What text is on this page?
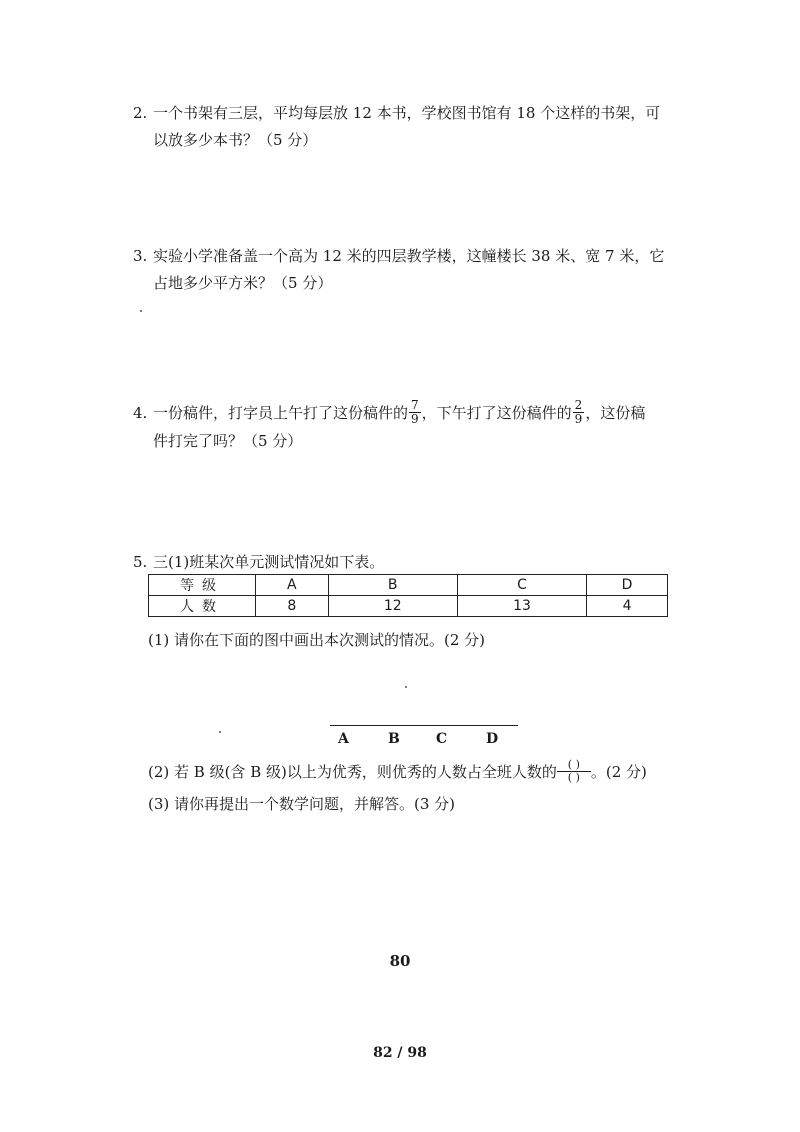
2. 一个书架有三层，平均每层放 12 本书，学校图书馆有 18 个这样的书架，可
以放多少本书？（5 分）
3. 实验小学准备盖一个高为 12 米的四层教学楼，这幢楼长 38 米、宽 7 米，它
占地多少平方米？（5 分）
4. 一份稿件，打字员上午打了这份稿件的 $\frac{7}{9}$ ，下午打了这份稿件的 $\frac{2}{9}$ ，这份稿
件打完了吗？（5 分）
5. 三(1)班某次单元测试情况如下表。
等级	A	B	C	D
人数	8	12	13	4
(1) 请你在下面的图中画出本次测试的情况。(2 分)
A	B	C	D
(2) 若 B 级(含 B 级)以上为优秀，则优秀的人数占全班人数的 ( )
( ) 。(2 分)
(3) 请你再提出一个数学问题，并解答。(3 分)
80
82 / 98
